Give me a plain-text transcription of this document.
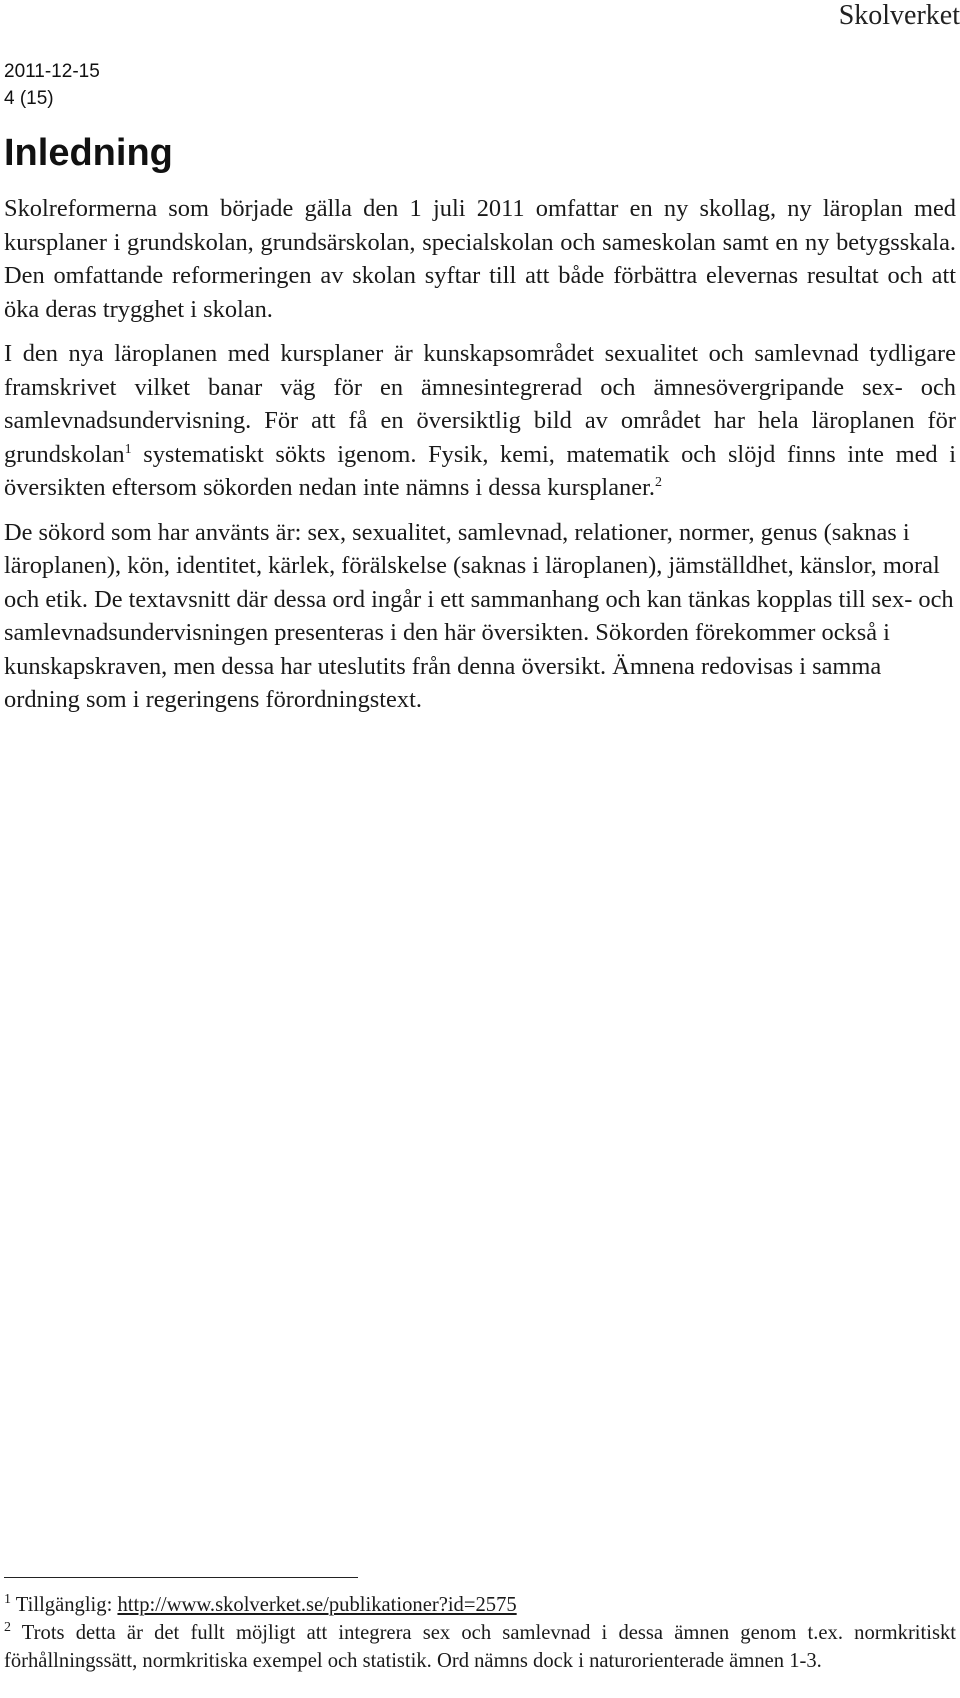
Skolverket
2011-12-15
4 (15)
Inledning

Skolreformerna som började gälla den 1 juli 2011 omfattar en ny skollag, ny läroplan med kursplaner i grundskolan, grundsärskolan, specialskolan och sameskolan samt en ny betygsskala. Den omfattande reformeringen av skolan syftar till att både förbättra elevernas resultat och att öka deras trygghet i skolan.

I den nya läroplanen med kursplaner är kunskapsområdet sexualitet och samlevnad tydligare framskrivet vilket banar väg för en ämnesintegrerad och ämnesövergripande sex- och samlevnadsundervisning. För att få en översiktlig bild av området har hela läroplanen för grundskolan$^1$ systematiskt sökts igenom. Fysik, kemi, matematik och slöjd finns inte med i översikten eftersom sökorden nedan inte nämns i dessa kursplaner.$^2$

De sökord som har använts är: sex, sexualitet, samlevnad, relationer, normer, genus (saknas i läroplanen), kön, identitet, kärlek, förälskelse (saknas i läroplanen), jämställdhet, känslor, moral och etik. De textavsnitt där dessa ord ingår i ett sammanhang och kan tänkas kopplas till sex- och samlevnadsundervisningen presenteras i den här översikten. Sökorden förekommer också i kunskapskraven, men dessa har uteslutits från denna översikt. Ämnena redovisas i samma ordning som i regeringens förordningstext.

$^1$ Tillgänglig: http://www.skolverket.se/publikationer?id=2575

$^2$ Trots detta är det fullt möjligt att integrera sex och samlevnad i dessa ämnen genom t.ex. normkritiskt förhållningssätt, normkritiska exempel och statistik. Ord nämns dock i naturorienterade ämnen 1-3.
